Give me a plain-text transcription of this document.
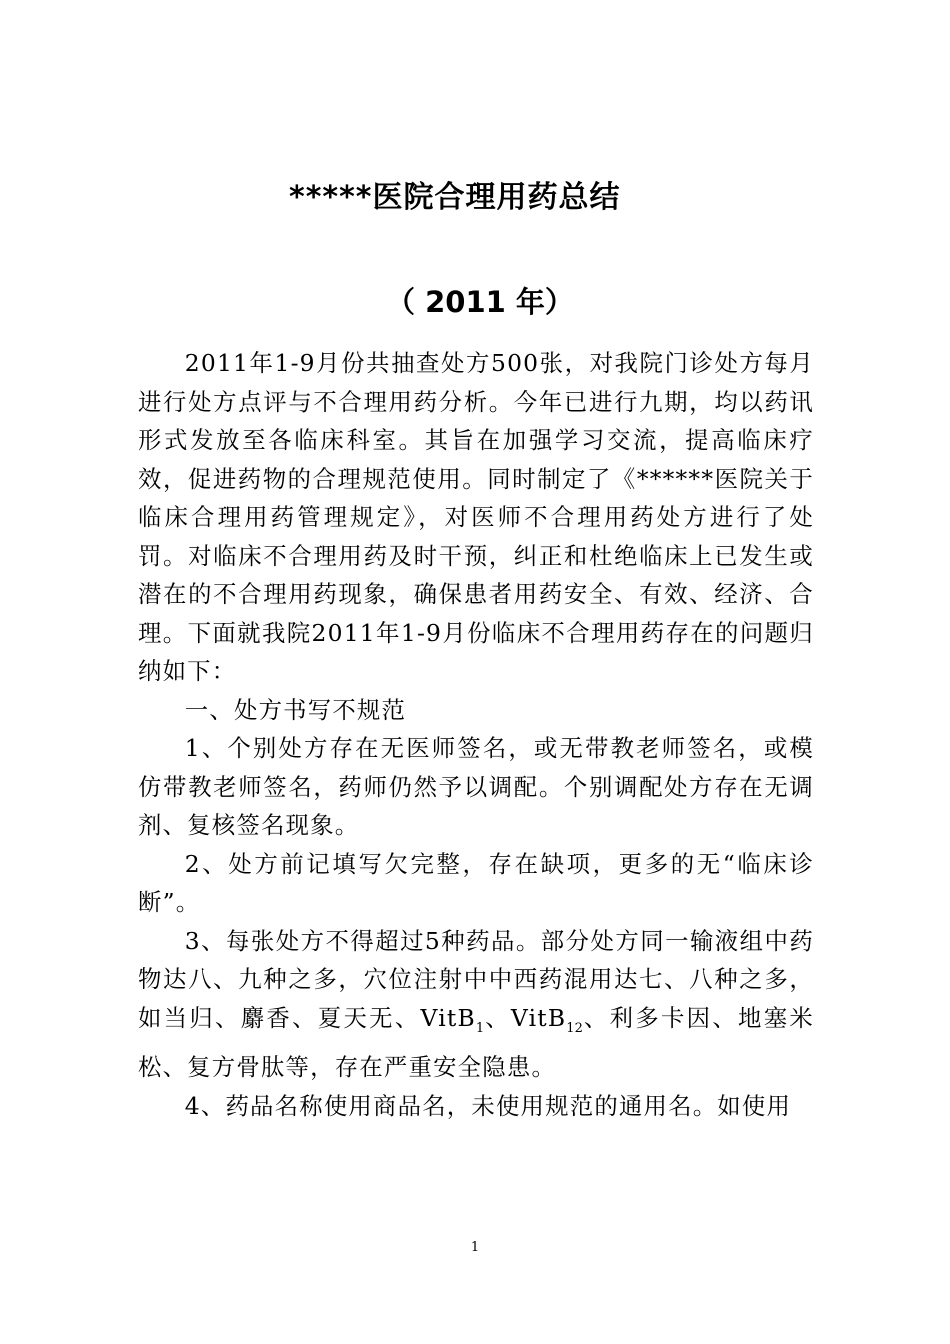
*****医院合理用药总结
（ 2011 年）

2011年1-9月份共抽查处方500张，对我院门诊处方每月进行处方点评与不合理用药分析。今年已进行九期，均以药讯形式发放至各临床科室。其旨在加强学习交流，提高临床疗效，促进药物的合理规范使用。同时制定了《******医院关于临床合理用药管理规定》，对医师不合理用药处方进行了处罚。对临床不合理用药及时干预，纠正和杜绝临床上已发生或潜在的不合理用药现象，确保患者用药安全、有效、经济、合理。下面就我院2011年1-9月份临床不合理用药存在的问题归纳如下：

一、处方书写不规范

1、个别处方存在无医师签名，或无带教老师签名，或模仿带教老师签名，药师仍然予以调配。个别调配处方存在无调剂、复核签名现象。

2、处方前记填写欠完整，存在缺项，更多的无“临床诊断”。

3、每张处方不得超过5种药品。部分处方同一输液组中药物达八、九种之多，穴位注射中中西药混用达七、八种之多，如当归、麝香、夏天无、VitB$_1$、VitB$_{12}$、利多卡因、地塞米松、复方骨肽等，存在严重安全隐患。

4、药品名称使用商品名，未使用规范的通用名。如使用

1
